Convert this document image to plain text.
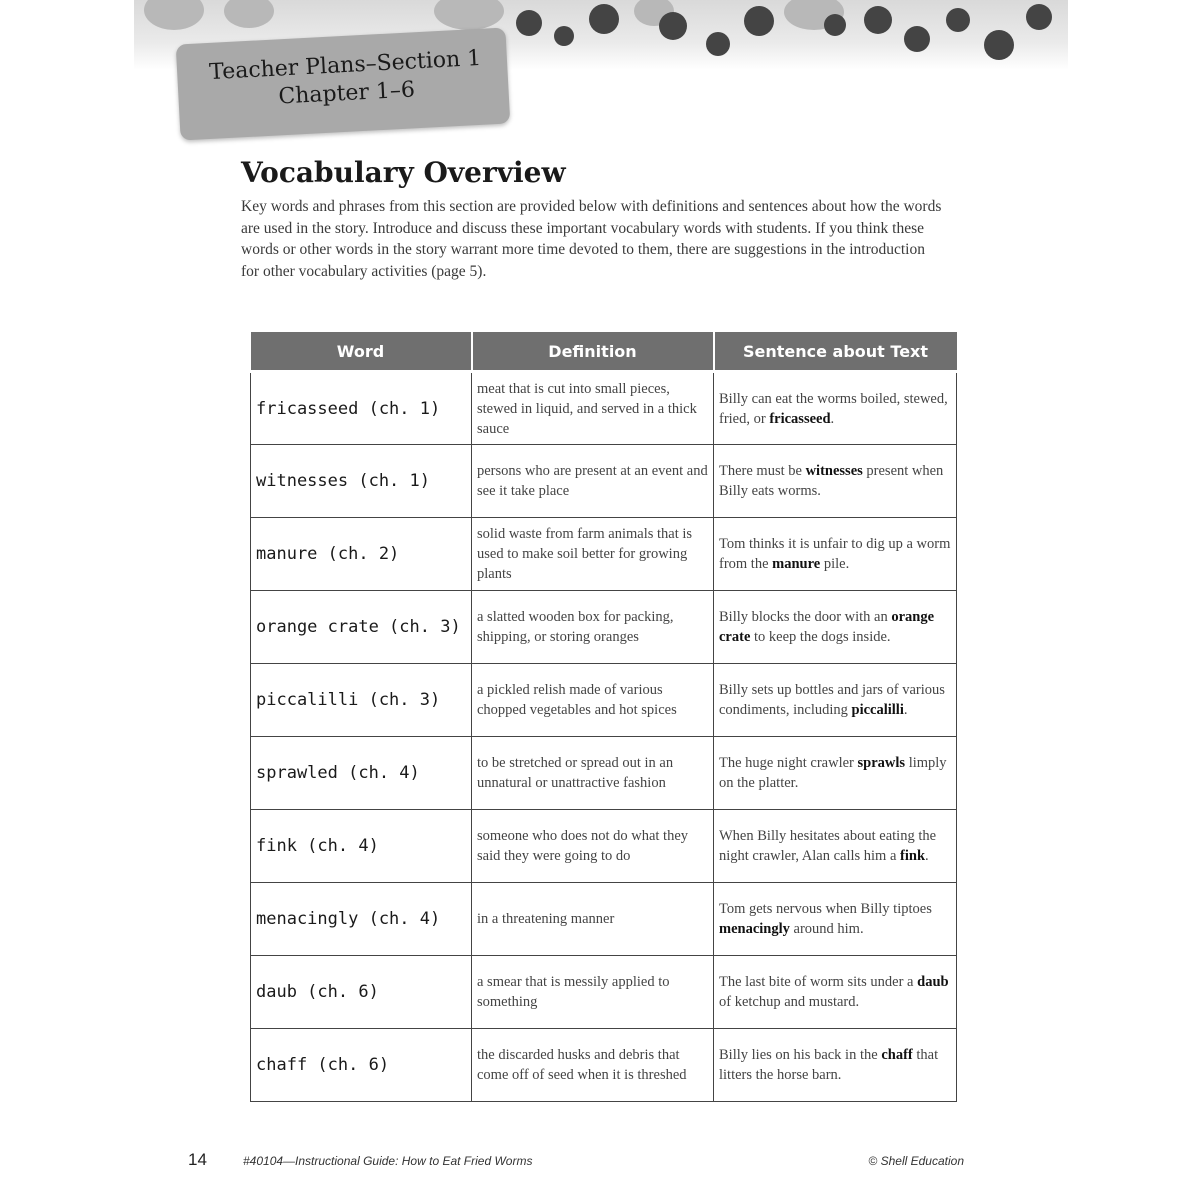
Teacher Plans–Section 1
Chapter 1–6
Vocabulary Overview
Key words and phrases from this section are provided below with definitions and sentences about how the words are used in the story. Introduce and discuss these important vocabulary words with students. If you think these words or other words in the story warrant more time devoted to them, there are suggestions in the introduction for other vocabulary activities (page 5).
Word	Definition	Sentence about Text
fricasseed (ch. 1)	meat that is cut into small pieces, stewed in liquid, and served in a thick sauce	Billy can eat the worms boiled, stewed, fried, or fricasseed.
witnesses (ch. 1)	persons who are present at an event and see it take place	There must be witnesses present when Billy eats worms.
manure (ch. 2)	solid waste from farm animals that is used to make soil better for growing plants	Tom thinks it is unfair to dig up a worm from the manure pile.
orange crate (ch. 3)	a slatted wooden box for packing, shipping, or storing oranges	Billy blocks the door with an orange crate to keep the dogs inside.
piccalilli (ch. 3)	a pickled relish made of various chopped vegetables and hot spices	Billy sets up bottles and jars of various condiments, including piccalilli.
sprawled (ch. 4)	to be stretched or spread out in an unnatural or unattractive fashion	The huge night crawler sprawls limply on the platter.
fink (ch. 4)	someone who does not do what they said they were going to do	When Billy hesitates about eating the night crawler, Alan calls him a fink.
menacingly (ch. 4)	in a threatening manner	Tom gets nervous when Billy tiptoes menacingly around him.
daub (ch. 6)	a smear that is messily applied to something	The last bite of worm sits under a daub of ketchup and mustard.
chaff (ch. 6)	the discarded husks and debris that come off of seed when it is threshed	Billy lies on his back in the chaff that litters the horse barn.
14	#40104—Instructional Guide: How to Eat Fried Worms	© Shell Education
